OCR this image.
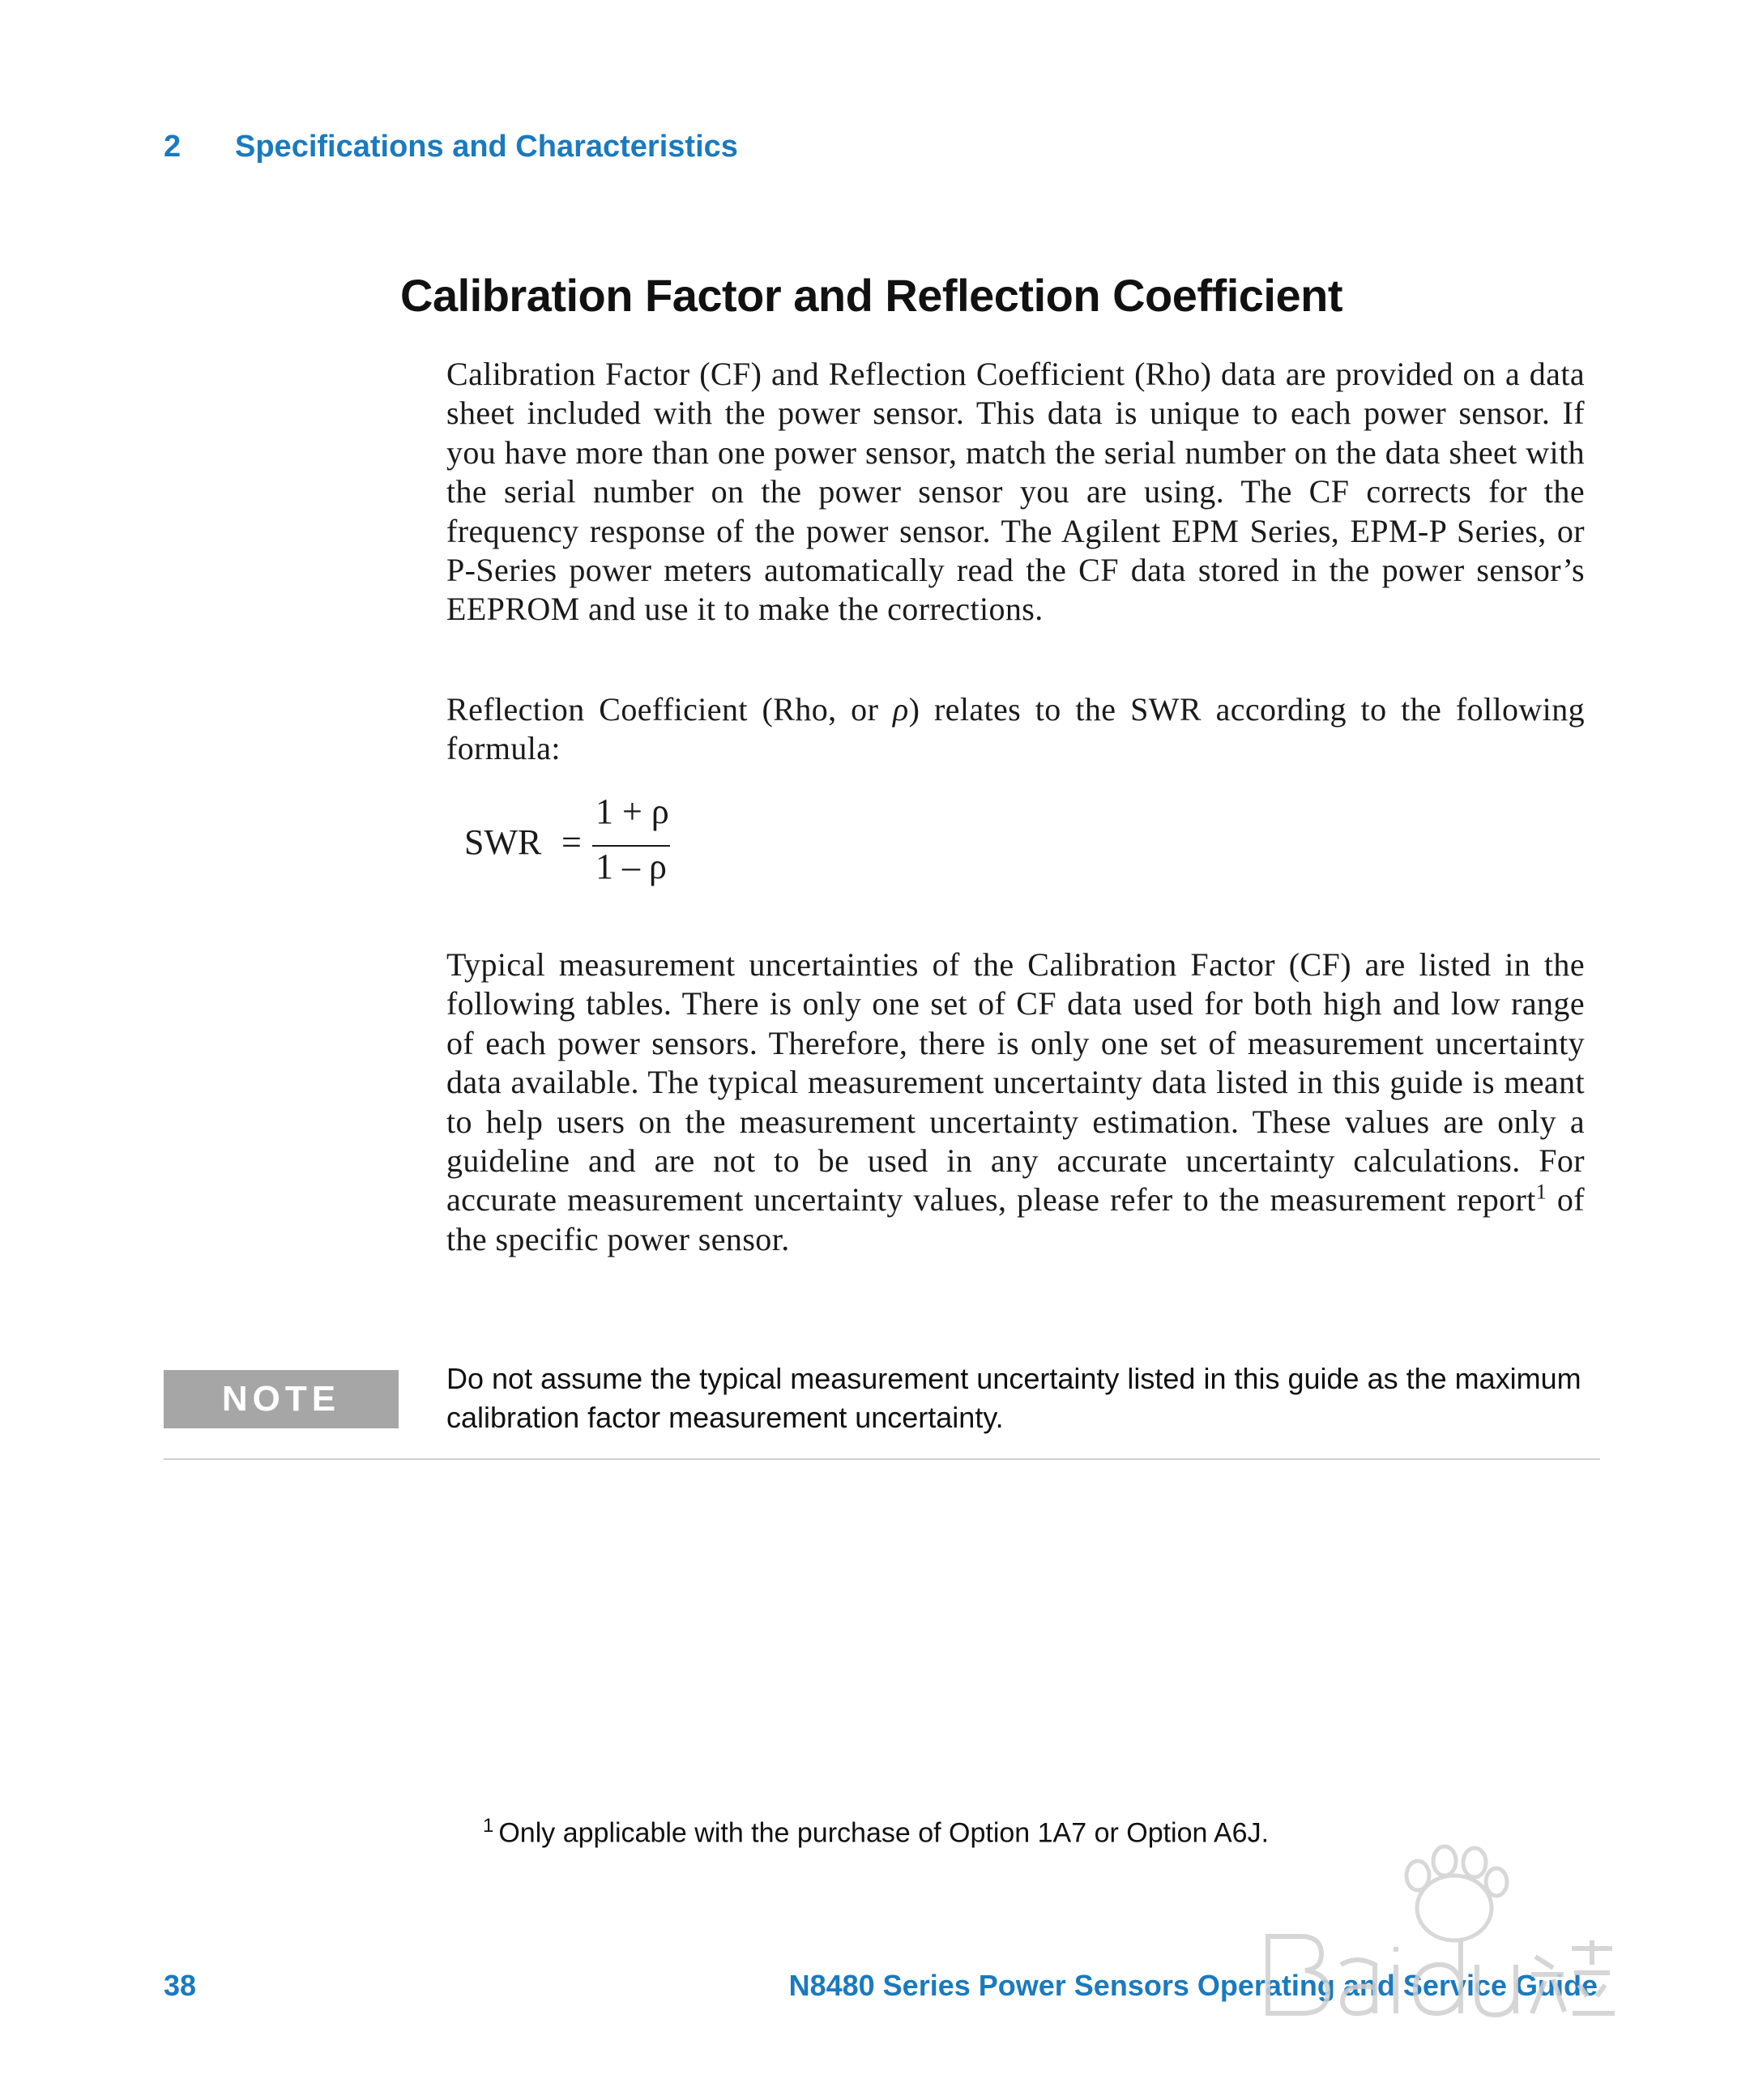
2 Specifications and Characteristics
Calibration Factor and Reflection Coefficient

Calibration Factor (CF) and Reflection Coefficient (Rho) data are provided on a data sheet included with the power sensor. This data is unique to each power sensor. If you have more than one power sensor, match the serial number on the data sheet with the serial number on the power sensor you are using. The CF corrects for the frequency response of the power sensor. The Agilent EPM Series, EPM-P Series, or P-Series power meters automatically read the CF data stored in the power sensor’s EEPROM and use it to make the corrections.

Reflection Coefficient (Rho, or ρ) relates to the SWR according to the following formula:

SWR =
1 + ρ
1 – ρ

Typical measurement uncertainties of the Calibration Factor (CF) are listed in the following tables. There is only one set of CF data used for both high and low range of each power sensors. Therefore, there is only one set of measurement uncertainty data available. The typical measurement uncertainty data listed in this guide is meant to help users on the measurement uncertainty estimation. These values are only a guideline and are not to be used in any accurate uncertainty calculations. For accurate measurement uncertainty values, please refer to the measurement report$^1$ of the specific power sensor.

NOTE

Do not assume the typical measurement uncertainty listed in this guide as the maximum calibration factor measurement uncertainty.

$^1$ Only applicable with the purchase of Option 1A7 or Option A6J.
38	N8480 Series Power Sensors Operating and Service Guide
